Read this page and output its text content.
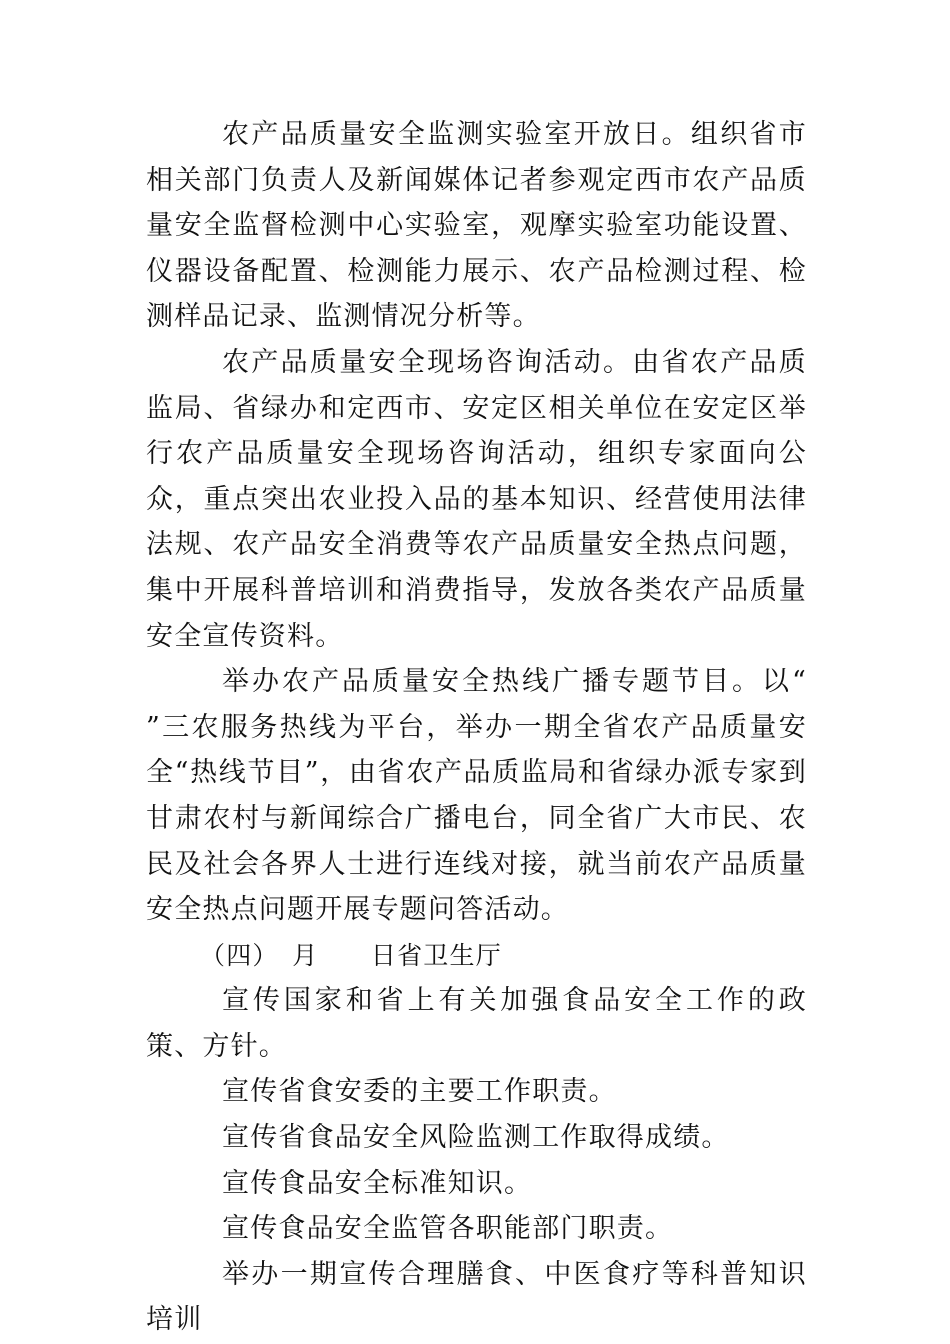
农产品质量安全监测实验室开放日。组织省市相关部门负责人及新闻媒体记者参观定西市农产品质量安全监督检测中心实验室，观摩实验室功能设置、仪器设备配置、检测能力展示、农产品检测过程、检测样品记录、监测情况分析等。

农产品质量安全现场咨询活动。由省农产品质监局、省绿办和定西市、安定区相关单位在安定区举行农产品质量安全现场咨询活动，组织专家面向公众，重点突出农业投入品的基本知识、经营使用法律法规、农产品安全消费等农产品质量安全热点问题，集中开展科普培训和消费指导，发放各类农产品质量安全宣传资料。

举办农产品质量安全热线广播专题节目。以“　　”三农服务热线为平台，举办一期全省农产品质量安全“热线节目”，由省农产品质监局和省绿办派专家到甘肃农村与新闻综合广播电台，同全省广大市民、农民及社会各界人士进行连线对接，就当前农产品质量安全热点问题开展专题问答活动。

（四）　月　　日省卫生厅

宣传国家和省上有关加强食品安全工作的政策、方针。

宣传省食安委的主要工作职责。

宣传省食品安全风险监测工作取得成绩。

宣传食品安全标准知识。

宣传食品安全监管各职能部门职责。

举办一期宣传合理膳食、中医食疗等科普知识培训
